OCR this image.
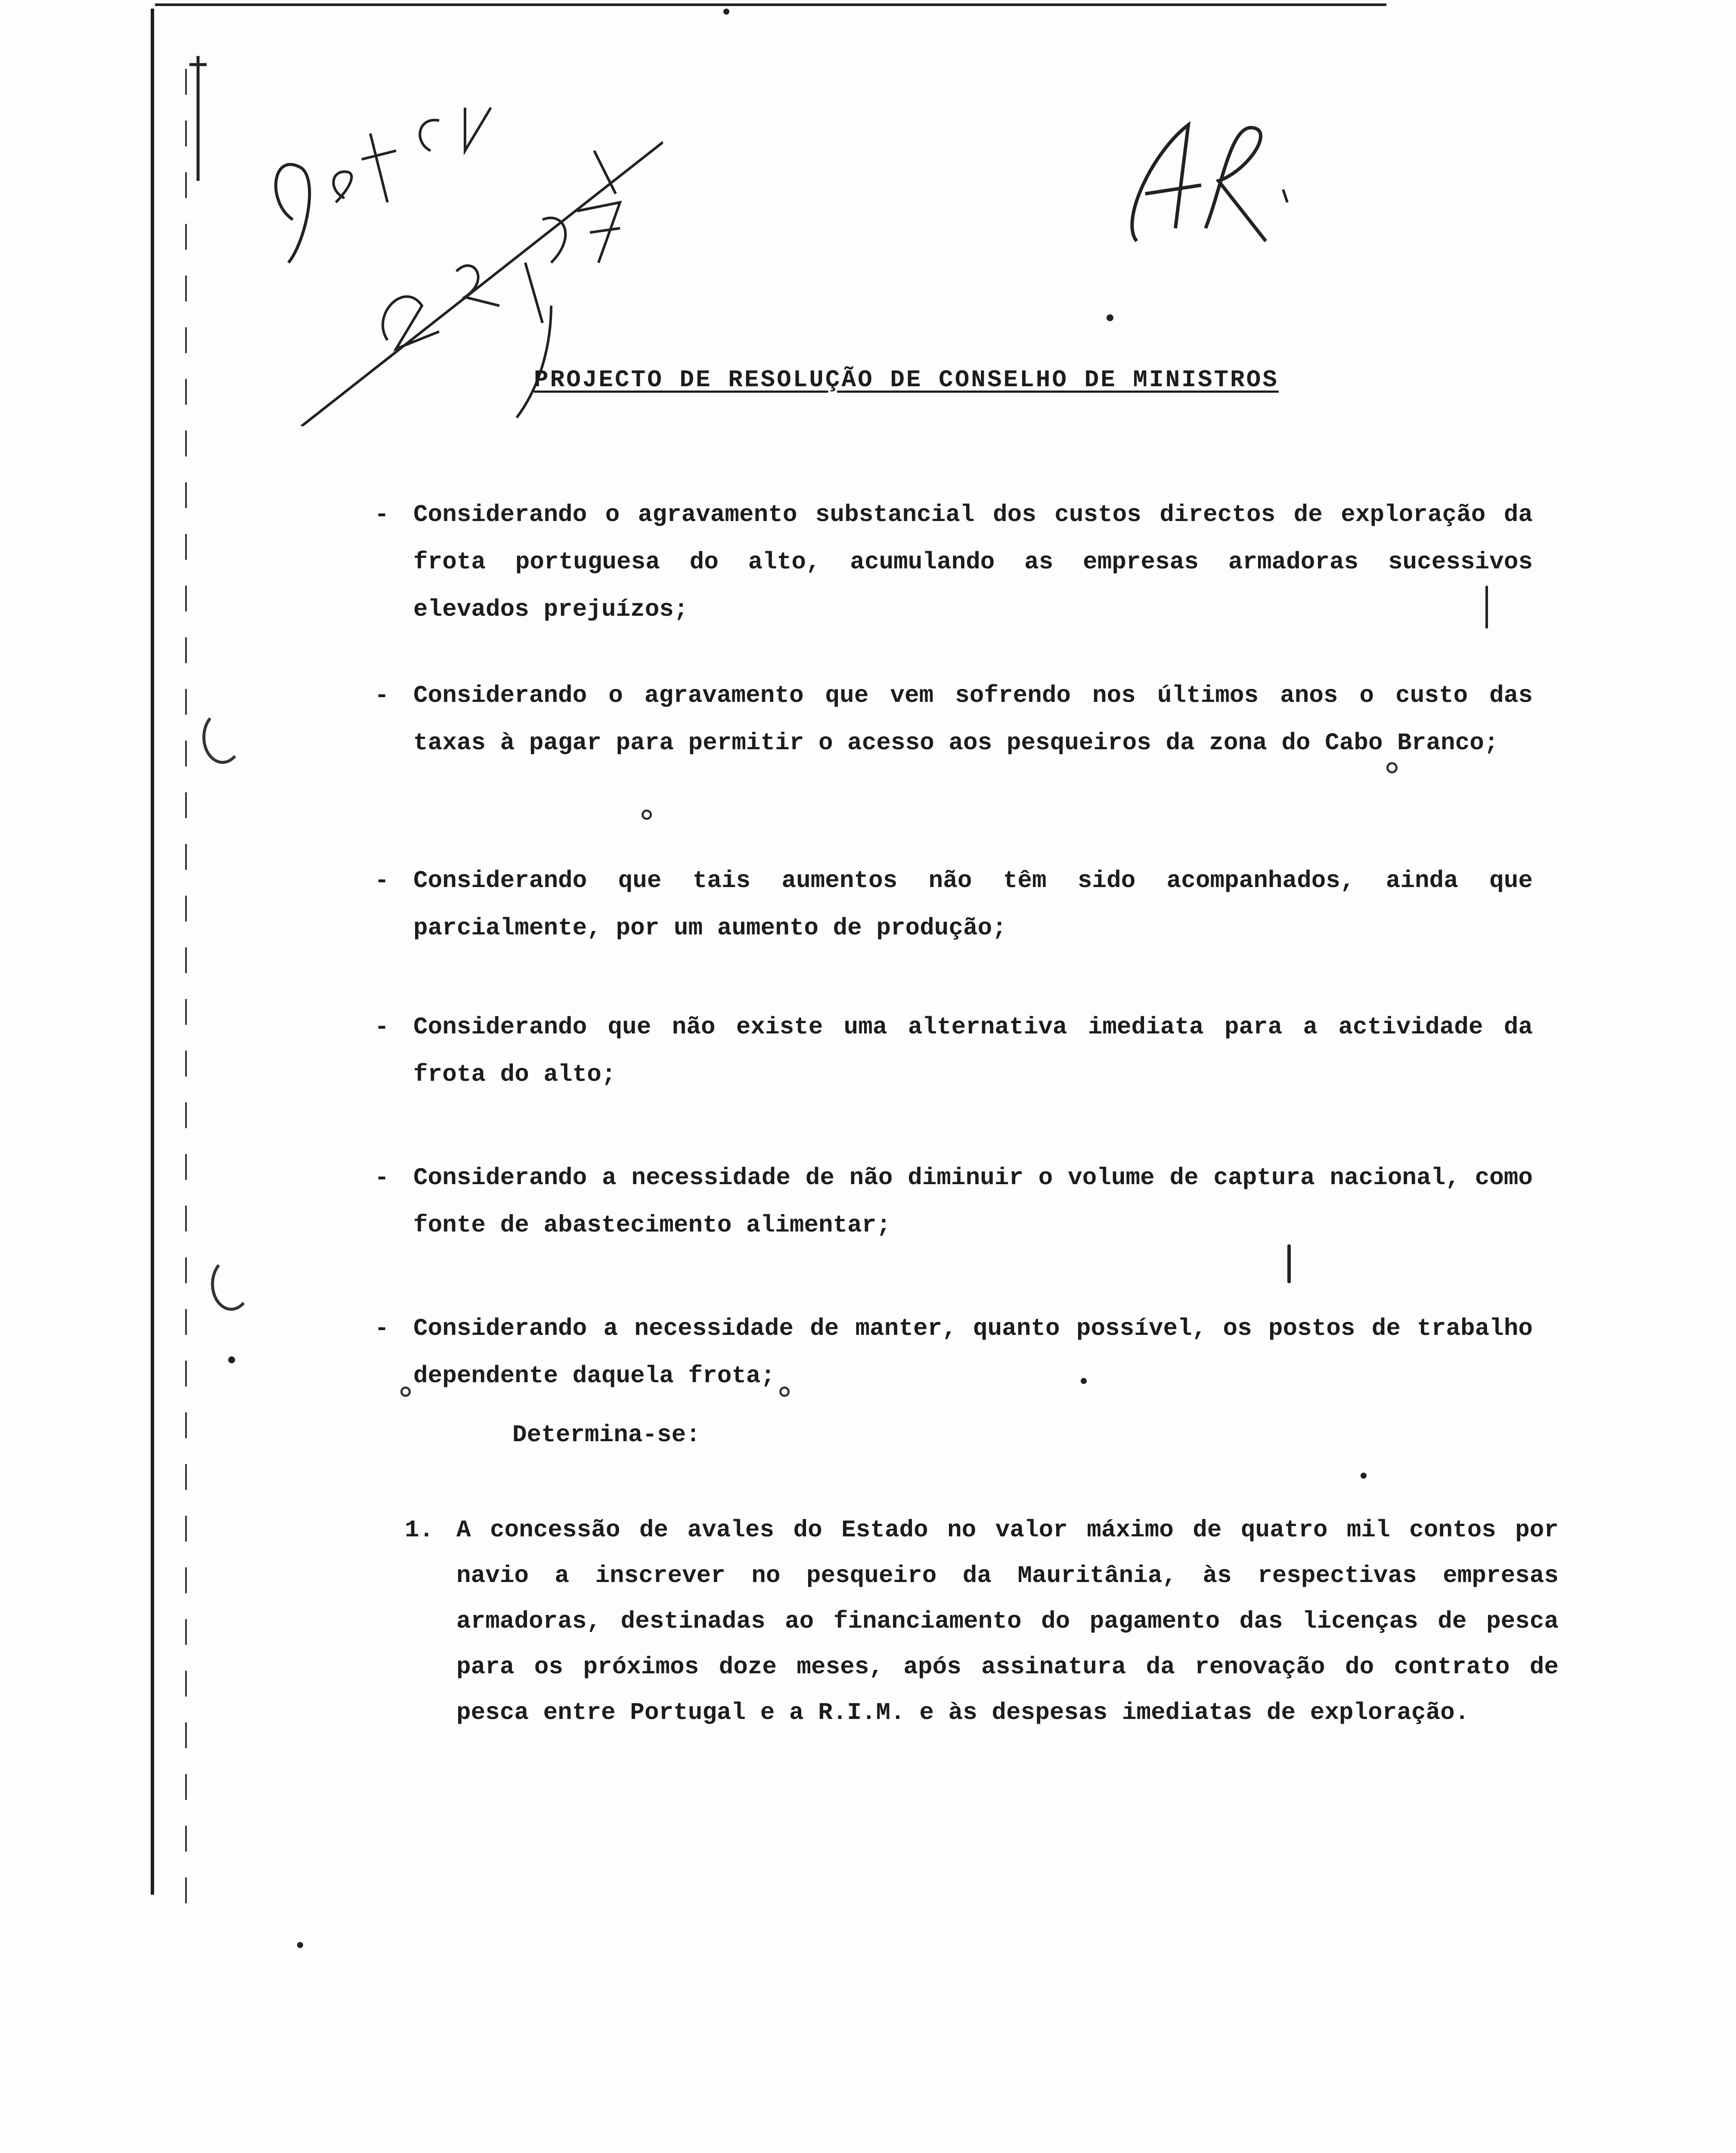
PROJECTO DE RESOLUÇÃO DE CONSELHO DE MINISTROS
- Considerando o agravamento substancial dos custos directos de exploração da frota portuguesa do alto, acumulando as empresas armadoras sucessivos elevados prejuízos;

- Considerando o agravamento que vem sofrendo nos últimos anos o custo das taxas à pagar para permitir o acesso aos pesqueiros da zona do Cabo Branco;

- Considerando que tais aumentos não têm sido acompanhados, ainda que parcialmente, por um aumento de produção;

- Considerando que não existe uma alternativa imediata para a actividade da frota do alto;

- Considerando a necessidade de não diminuir o volume de captura nacional, como fonte de abastecimento alimentar;

- Considerando a necessidade de manter, quanto possível, os postos de trabalho dependente daquela frota;

Determina-se:
1. A concessão de avales do Estado no valor máximo de quatro mil contos por navio a inscrever no pesqueiro da Mauritânia, às respectivas empresas armadoras, destinadas ao financiamento do pagamento das licenças de pesca para os próximos doze meses, após assinatura da renovação do contrato de pesca entre Portugal e a R.I.M. e às despesas imediatas de exploração.
